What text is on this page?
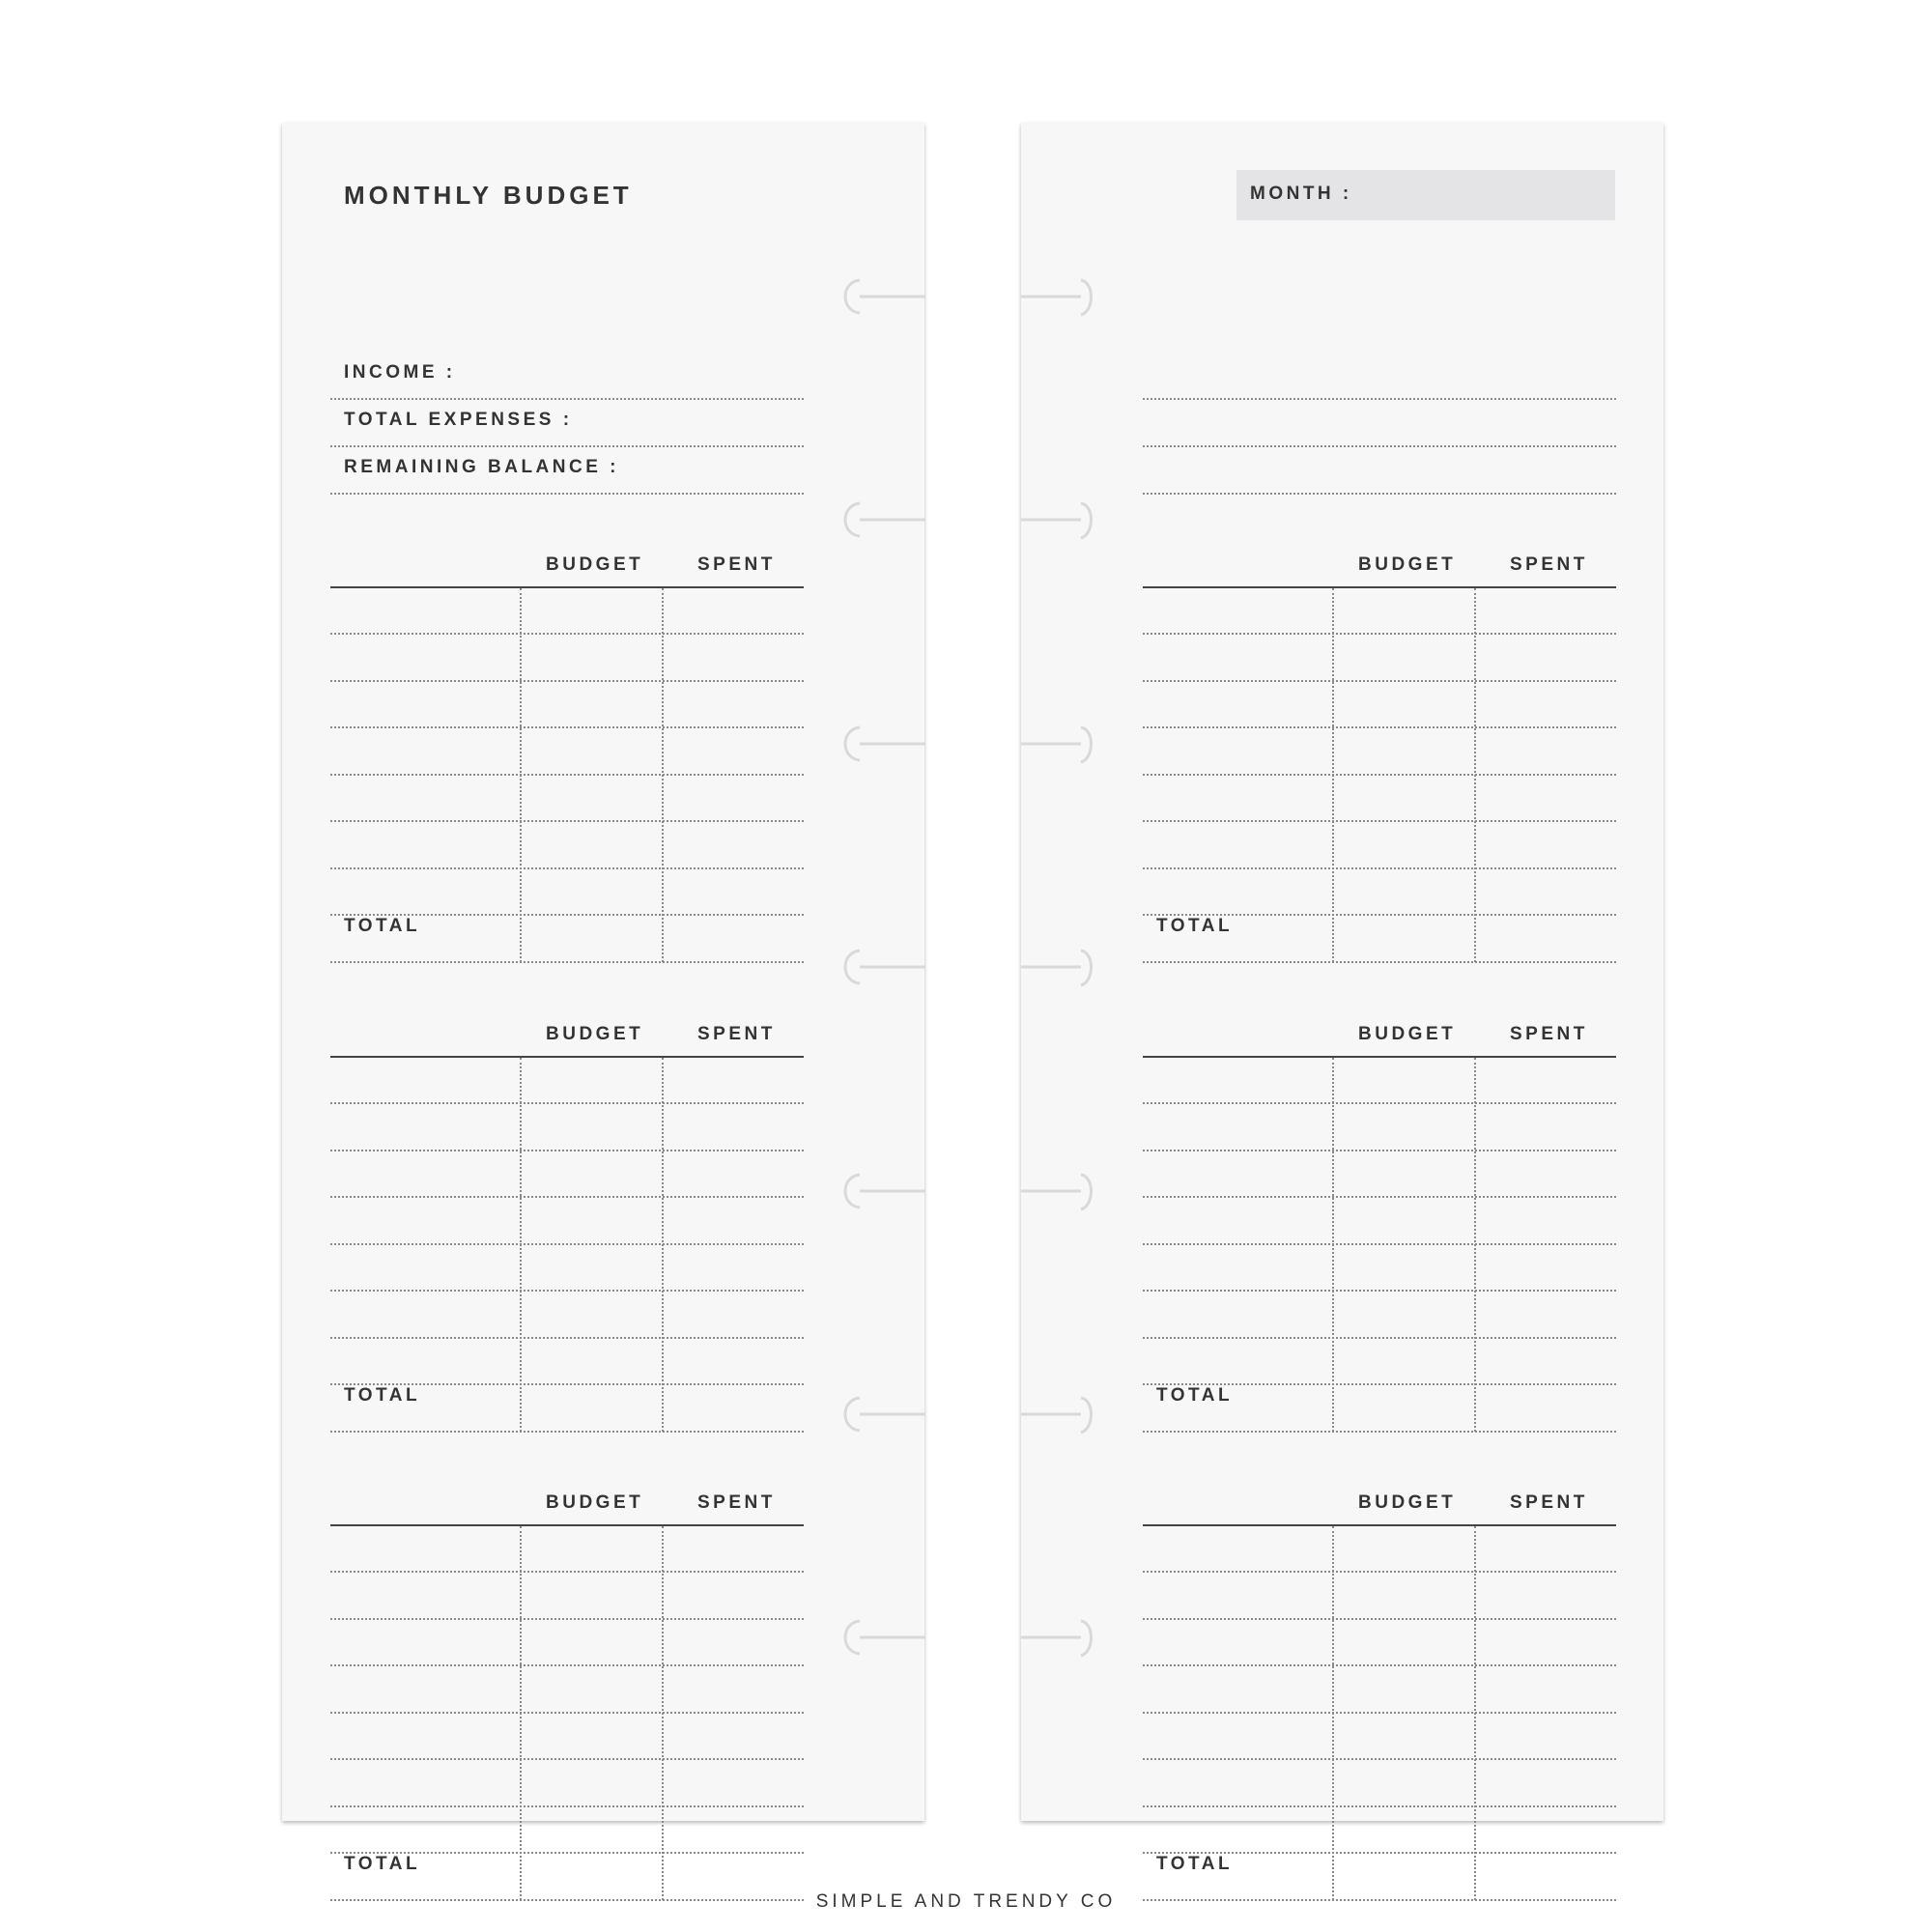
MONTHLY BUDGET
INCOME :
TOTAL EXPENSES :
REMAINING BALANCE :
BUDGET	SPENT
TOTAL
BUDGET	SPENT
TOTAL
BUDGET	SPENT
TOTAL
MONTH :
BUDGET	SPENT
TOTAL
BUDGET	SPENT
TOTAL
BUDGET	SPENT
TOTAL
SIMPLE AND TRENDY CO
